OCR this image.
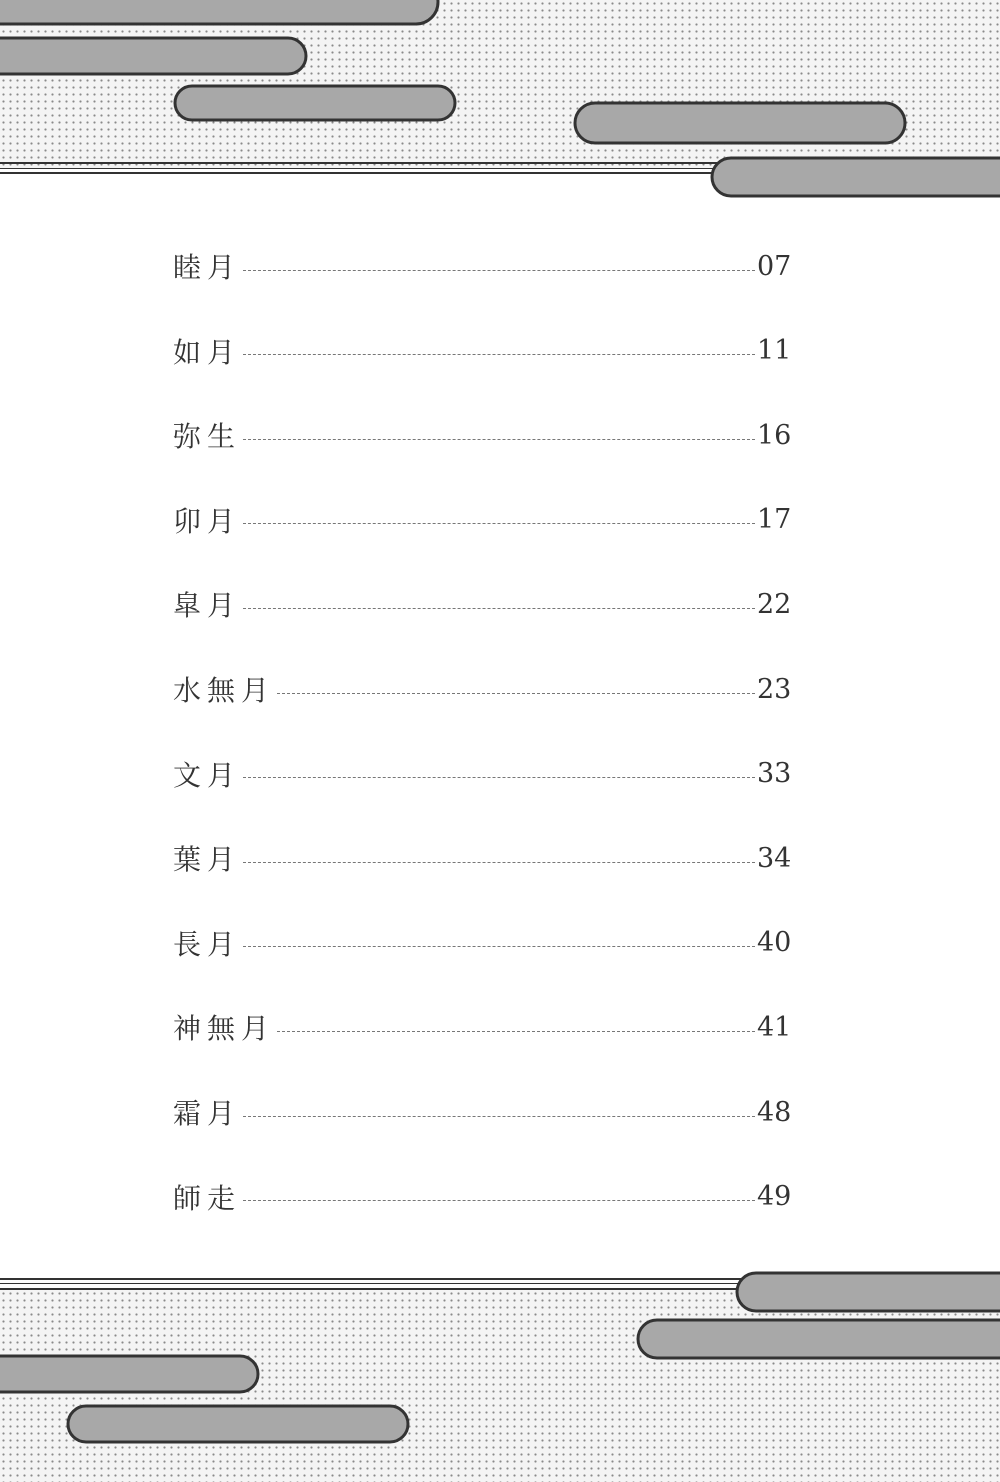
睦月	07
如月	11
弥生	16
卯月	17
皐月	22
水無月	23
文月	33
葉月	34
長月	40
神無月	41
霜月	48
師走	49
